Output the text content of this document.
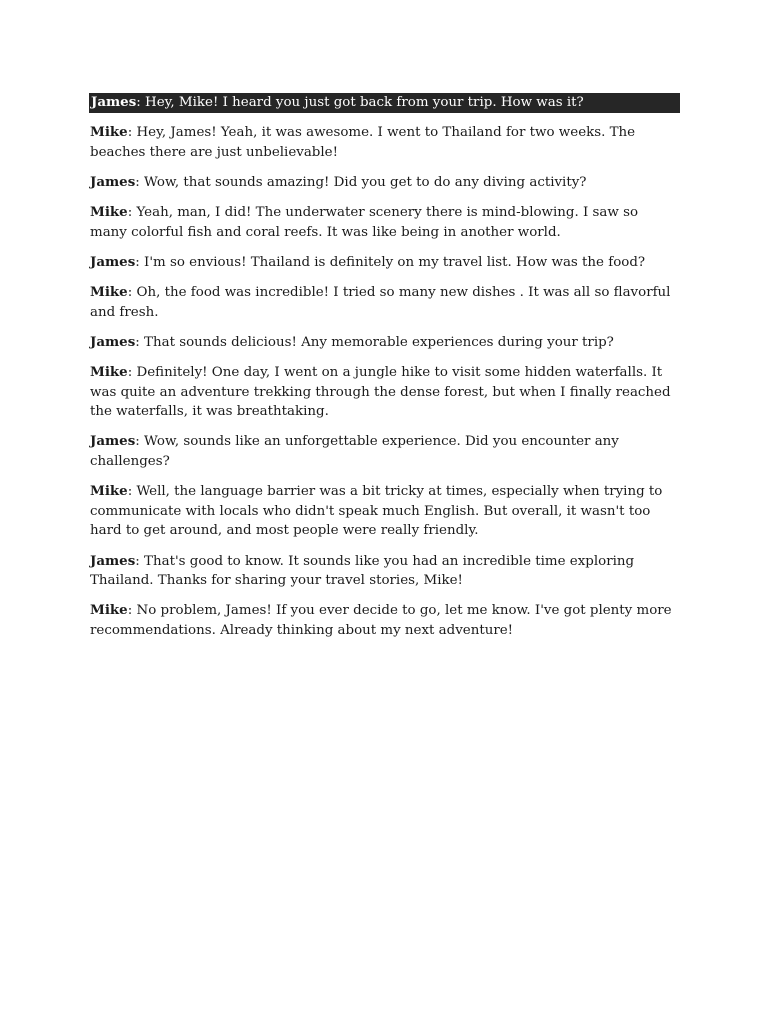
James: Hey, Mike! I heard you just got back from your trip. How was it?

Mike: Hey, James! Yeah, it was awesome. I went to Thailand for two weeks. The beaches there are just unbelievable!

James: Wow, that sounds amazing! Did you get to do any diving activity?

Mike: Yeah, man, I did! The underwater scenery there is mind-blowing. I saw so many colorful fish and coral reefs. It was like being in another world.

James: I'm so envious! Thailand is definitely on my travel list. How was the food?

Mike: Oh, the food was incredible! I tried so many new dishes . It was all so flavorful and fresh.

James: That sounds delicious! Any memorable experiences during your trip?

Mike: Definitely! One day, I went on a jungle hike to visit some hidden waterfalls. It was quite an adventure trekking through the dense forest, but when I finally reached the waterfalls, it was breathtaking.

James: Wow, sounds like an unforgettable experience. Did you encounter any challenges?

Mike: Well, the language barrier was a bit tricky at times, especially when trying to communicate with locals who didn't speak much English. But overall, it wasn't too hard to get around, and most people were really friendly.

James: That's good to know. It sounds like you had an incredible time exploring Thailand. Thanks for sharing your travel stories, Mike!

Mike: No problem, James! If you ever decide to go, let me know. I've got plenty more recommendations. Already thinking about my next adventure!
